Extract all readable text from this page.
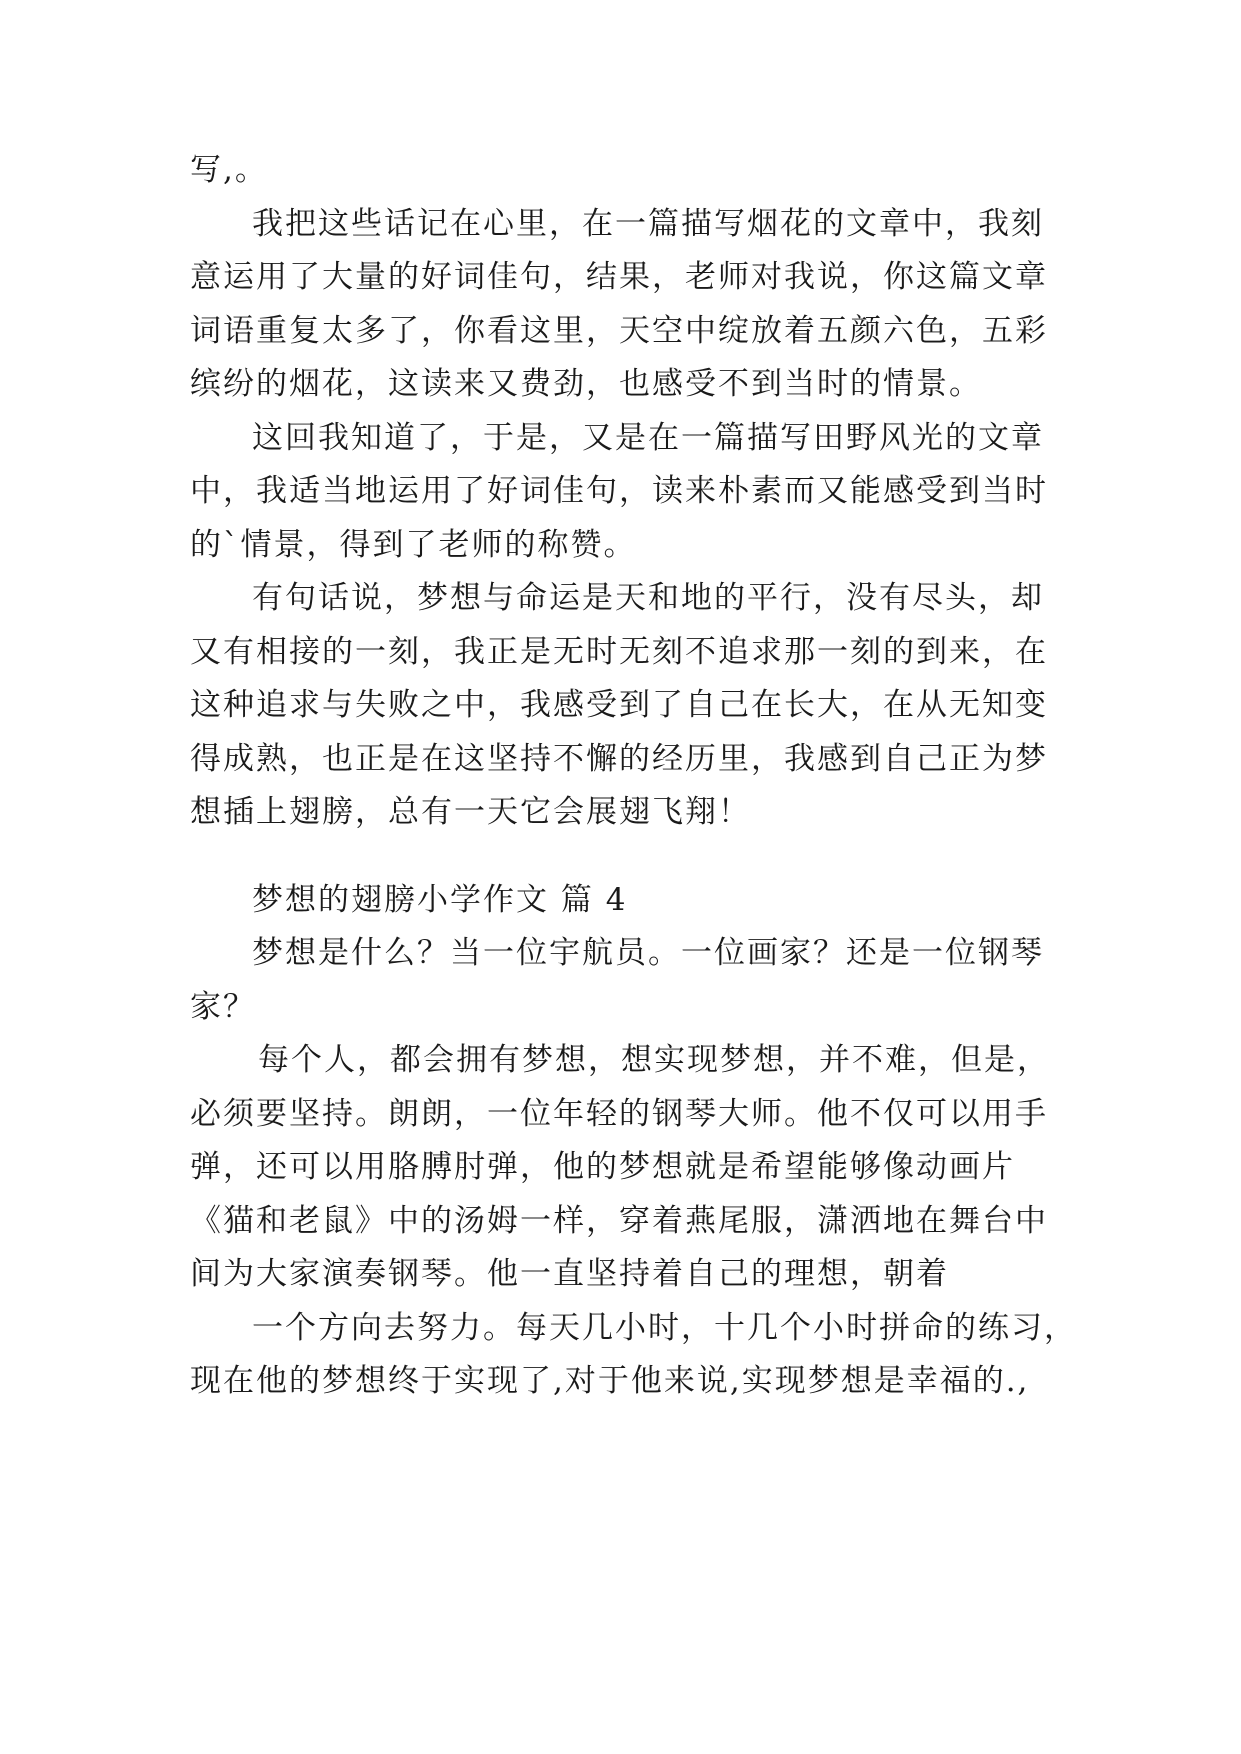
写,。
我把这些话记在心里，在一篇描写烟花的文章中，我刻
意运用了大量的好词佳句，结果，老师对我说，你这篇文章
词语重复太多了，你看这里，天空中绽放着五颜六色，五彩
缤纷的烟花，这读来又费劲，也感受不到当时的情景。
这回我知道了，于是，又是在一篇描写田野风光的文章
中，我适当地运用了好词佳句，读来朴素而又能感受到当时
的`情景，得到了老师的称赞。
有句话说，梦想与命运是天和地的平行，没有尽头，却
又有相接的一刻，我正是无时无刻不追求那一刻的到来，在
这种追求与失败之中，我感受到了自己在长大，在从无知变
得成熟，也正是在这坚持不懈的经历里，我感到自己正为梦
想插上翅膀，总有一天它会展翅飞翔！
梦想的翅膀小学作文 篇 4
梦想是什么？当一位宇航员。一位画家？还是一位钢琴
家？
每个人，都会拥有梦想，想实现梦想，并不难，但是，
必须要坚持。朗朗，一位年轻的钢琴大师。他不仅可以用手
弹，还可以用胳膊肘弹，他的梦想就是希望能够像动画片
《猫和老鼠》中的汤姆一样，穿着燕尾服，潇洒地在舞台中
间为大家演奏钢琴。他一直坚持着自己的理想，朝着
一个方向去努力。每天几小时，十几个小时拼命的练习，
现在他的梦想终于实现了,对于他来说,实现梦想是幸福的.,
